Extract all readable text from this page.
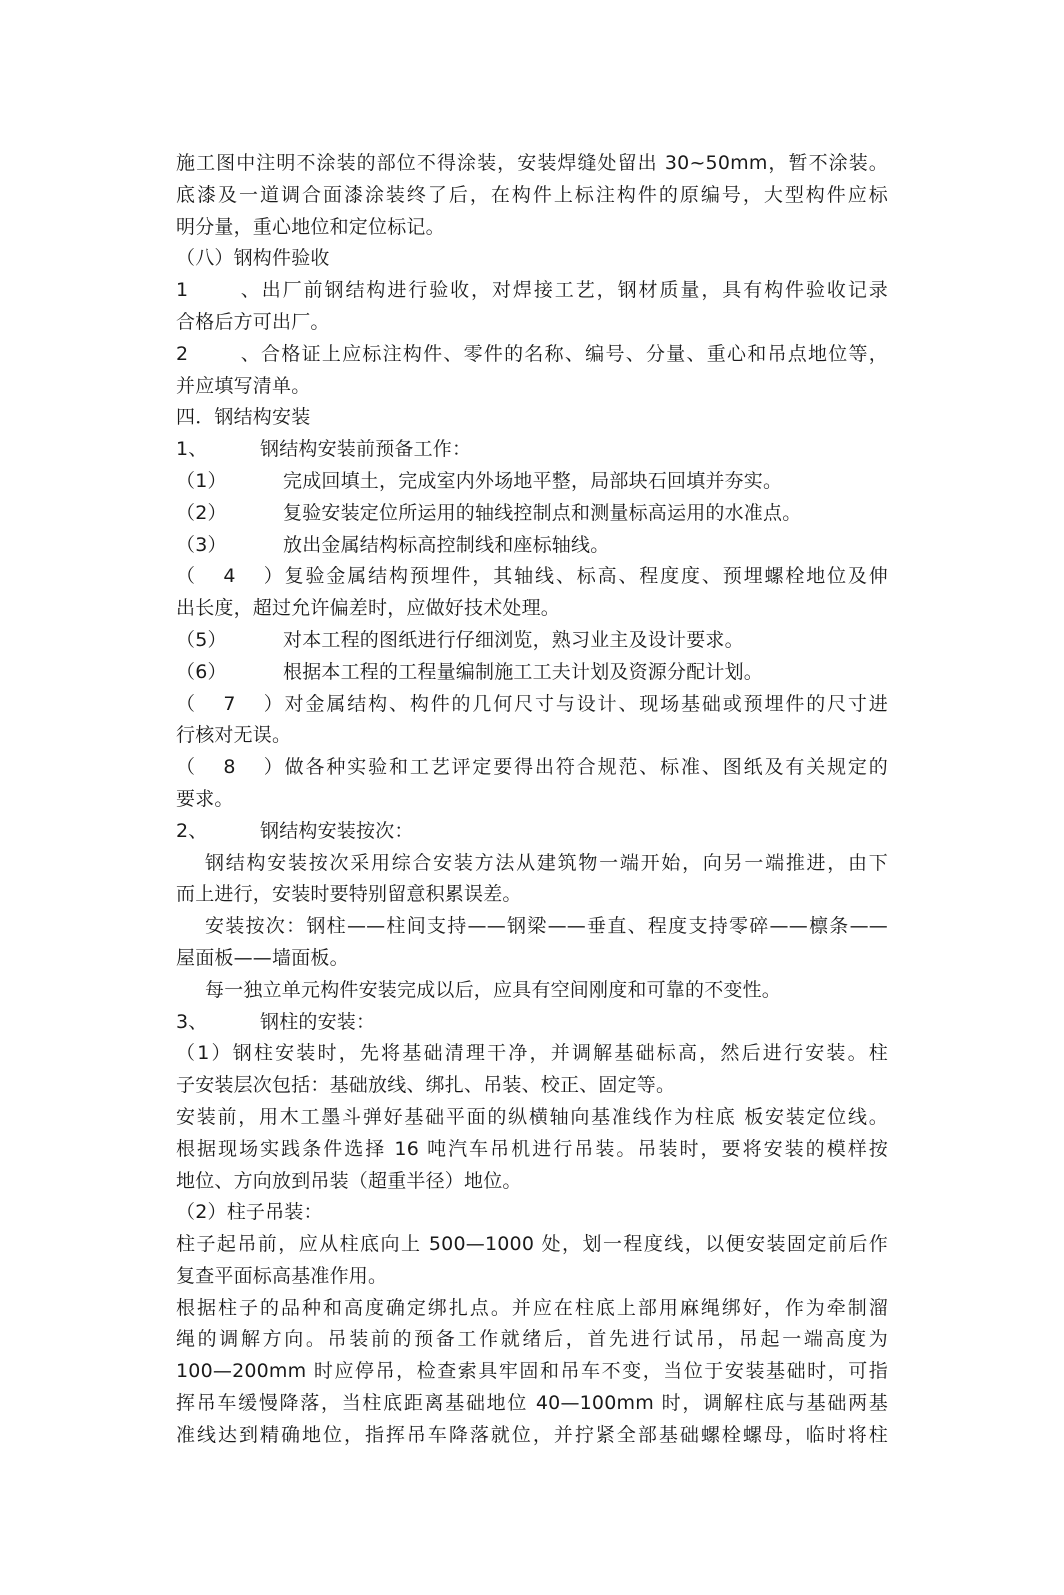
施工图中注明不涂装的部位不得涂装，安装焊缝处留出 30~50mm，暂不涂装。

底漆及一道调合面漆涂装终了后，在构件上标注构件的原编号，大型构件应标

明分量，重心地位和定位标记。

（八）钢构件验收

1、出厂前钢结构进行验收，对焊接工艺，钢材质量，具有构件验收记录

合格后方可出厂。

2、合格证上应标注构件、零件的名称、编号、分量、重心和吊点地位等，

并应填写清单。

四．钢结构安装

1、	钢结构安装前预备工作：

（1）	完成回填土，完成室内外场地平整，局部块石回填并夯实。

（2）	复验安装定位所运用的轴线控制点和测量标高运用的水准点。

（3）	放出金属结构标高控制线和座标轴线。

（4）复验金属结构预埋件，其轴线、标高、程度度、预埋螺栓地位及伸

出长度，超过允许偏差时，应做好技术处理。

（5）	对本工程的图纸进行仔细浏览，熟习业主及设计要求。

（6）	根据本工程的工程量编制施工工夫计划及资源分配计划。

（7）对金属结构、构件的几何尺寸与设计、现场基础或预埋件的尺寸进

行核对无误。

（8）做各种实验和工艺评定要得出符合规范、标准、图纸及有关规定的

要求。

2、	钢结构安装按次：

钢结构安装按次采用综合安装方法从建筑物一端开始，向另一端推进，由下

而上进行，安装时要特别留意积累误差。

安装按次：钢柱——柱间支持——钢梁——垂直、程度支持零碎——檩条——

屋面板——墙面板。

每一独立单元构件安装完成以后，应具有空间刚度和可靠的不变性。

3、	钢柱的安装：

（1）钢柱安装时，先将基础清理干净，并调解基础标高，然后进行安装。柱

子安装层次包括：基础放线、绑扎、吊装、校正、固定等。

安装前，用木工墨斗弹好基础平面的纵横轴向基准线作为柱底 板安装定位线。

根据现场实践条件选择 16 吨汽车吊机进行吊装。吊装时，要将安装的模样按

地位、方向放到吊装（超重半径）地位。

（2）柱子吊装：

柱子起吊前，应从柱底向上 500—1000 处，划一程度线，以便安装固定前后作

复查平面标高基准作用。

根据柱子的品种和高度确定绑扎点。并应在柱底上部用麻绳绑好，作为牵制溜

绳的调解方向。吊装前的预备工作就绪后，首先进行试吊，吊起一端高度为

100—200mm 时应停吊，检查索具牢固和吊车不变，当位于安装基础时，可指

挥吊车缓慢降落，当柱底距离基础地位 40—100mm 时，调解柱底与基础两基

准线达到精确地位，指挥吊车降落就位，并拧紧全部基础螺栓螺母，临时将柱
